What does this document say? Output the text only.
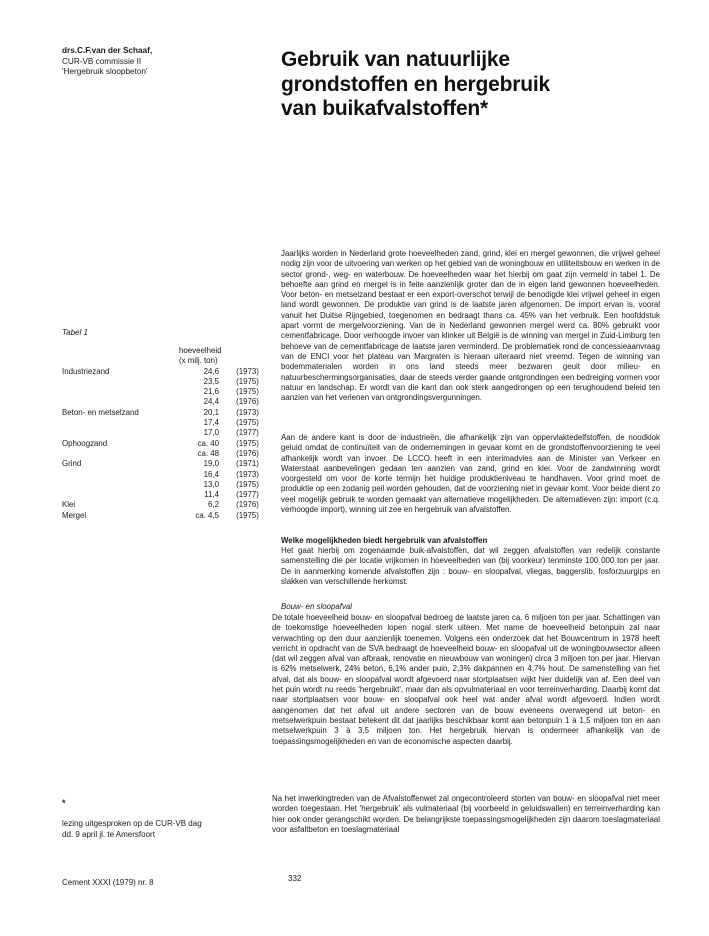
drs.C.F.van der Schaaf,
CUR-VB commissie II
'Hergebruik sloopbeton'
Gebruik van natuurlijke
grondstoffen en hergebruik
van buikafvalstoffen*

Jaarlijks worden in Nederland grote hoeveelheden zand, grind, klei en mergel gewonnen, die vrijwel geheel nodig zijn voor de uitvoering van werken op het gebied van de woningbouw en utiliteitsbouw en werken in de sector grond-, weg- en waterbouw. De hoeveelheden waar het hierbij om gaat zijn vermeld in tabel 1. De behoefte aan grind en mergel is in feite aanzienlijk groter dan de in eigen land gewonnen hoeveelheden. Voor beton- en metselzand bestaat er een export-overschot terwijl de benodigde klei vrijwel geheel in eigen land wordt gewonnen. De produktie van grind is de laatste jaren afgenomen. De import ervan is, vooral vanuit het Duitse Rijngebied, toegenomen en bedraagt thans ca. 45% van het verbruik. Een hoofddstuk apart vormt de mergelvoorziening. Van de in Nederland gewonnen mergel werd ca. 80% gebruikt voor cementfabricage. Door verhoogde invoer van klinker uit België is de winning van mergel in Zuid-Limburg ten behoeve van de cementfabricage de laatste jaren verminderd. De problematiek rond de concessieaanvraag van de ENCI voor het plateau van Margraten is hieraan uiteraard niet vreemd. Tegen de winning van bodemmaterialen worden in ons land steeds meer bezwaren geuit door milieu- en natuurbeschermingsorganisaties, daar de steeds verder gaande ontgrondingen een bedreiging vormen voor natuur en landschap. Er wordt van die kant dan ook sterk aangedrongen op een terughoudend beleid ten aanzien van het verlenen van ontgrondingsvergunningen.

Aan de andere kant is door de industrieën, die afhankelijk zijn van oppervlaktedelfstoffen, de noodklok geluid omdat de continuïteit van de ondernemingen in gevaar komt en de grondstoffenvoorziening te veel afhankelijk wordt van invoer. De LCCO heeft in een interimadvies aan de Minister van Verkeer en Waterstaat aanbevelingen gedaan ten aanzien van zand, grind en klei. Voor de zandwinning wordt voorgesteld om voor de korte termijn het huidige produktieniveau te handhaven. Voor grind moet de produktie op een zodanig peil worden gehouden, dat de voorziening niet in gevaar komt. Voor beide dient zo veel mogelijk gebruik te worden gemaakt van alternatieve mogelijkheden. De alternatieven zijn: import (c.q. verhoogde import), winning uit zee en hergebruik van afvalstoffen.

Welke mogelijkheden biedt hergebruik van afvalstoffen

Het gaat hierbij om zogenaamde buik-afvalstoffen, dat wil zeggen afvalstoffen van redelijk constante samenstelling die per locatie vrijkomen in hoeveelheden van (bij voorkeur) tenminste 100 000 ton per jaar. De in aanmerking komende afvalstoffen zijn : bouw- en sloopafval, vliegas, baggerslib, fosforzuurgips en slakken van verschillende herkomst.

Bouw- en sloopafval

De totale hoeveelheid bouw- en sloopafval bedroeg de laatste jaren ca. 6 miljoen ton per jaar. Schattingen van de toekomstige hoeveelheden lopen nogal sterk uiteen. Met name de hoeveelheid betonpuin zal naar verwachting op den duur aanzienlijk toenemen. Volgens een onderzoek dat het Bouwcentrum in 1978 heeft verricht in opdracht van de SVA bedraagt de hoeveelheid bouw- en sloopafval uit de woningbouwsector alleen (dat wil zeggen afval van afbraak, renovatie en nieuwbouw van woningen) circa 3 miljoen ton per jaar. Hiervan is 62% metselwerk, 24% beton, 6,1% ander puin, 2,3% dakpannen en 4,7% hout. De samenstelling van het afval, dat als bouw- en sloopafval wordt afgevoerd naar stortplaatsen wijkt hier duidelijk van af. Een deel van het puin wordt nu reeds 'hergebruikt', maar dan als opvulmateriaal en voor terreinverharding. Daarbij komt dat naar stortplaatsen voor bouw- en sloopafval ook heel wat ander afval wordt afgevoerd. Indien wordt aangenomen dat het afval uit andere sectoren van de bouw eveneens overwegend uit beton- en metselwerkpuin bestaat betekent dit dat jaarlijks beschikbaar komt aan betonpuin 1 à 1,5 miljoen ton en aan metselwerkpuin 3 à 3,5 miljoen ton. Het hergebruik hiervan is ondermeer afhankelijk van de toepassingsmogelijkheden en van de economische aspecten daarbij.

Na het inwerkingtreden van de Afvalstoffenwet zal ongecontroleerd storten van bouw- en sloopafval niet meer worden toegestaan. Het 'hergebruik' als vulmateriaal (bij voorbeeld in geluidswallen) en terreinverharding kan hier ook onder gerangschikt worden. De belangrijkste toepassingsmogelijkheden zijn daarom toeslagmateriaal voor asfaltbeton en toeslagmateriaal

Tabel 1
hoeveelheid
(x milj. ton)
Industriezand	24,6	(1973)
23,5	(1975)
21,6	(1975)
24,4	(1976)
Beton- en metselzand	20,1	(1973)
17,4	(1975)
17,0	(1977)
Ophoogzand	ca. 40	(1975)
ca. 48	(1976)
Grind	19,0	(1971)
16,4	(1973)
13,0	(1975)
11,4	(1977)
Klei	6,2	(1976)
Mergel	ca. 4,5	(1975)
*
lezing uitgesproken op de CUR-VB dag
dd. 9 april jl. te Amersfoort
Cement XXXI (1979) nr. 8	332
